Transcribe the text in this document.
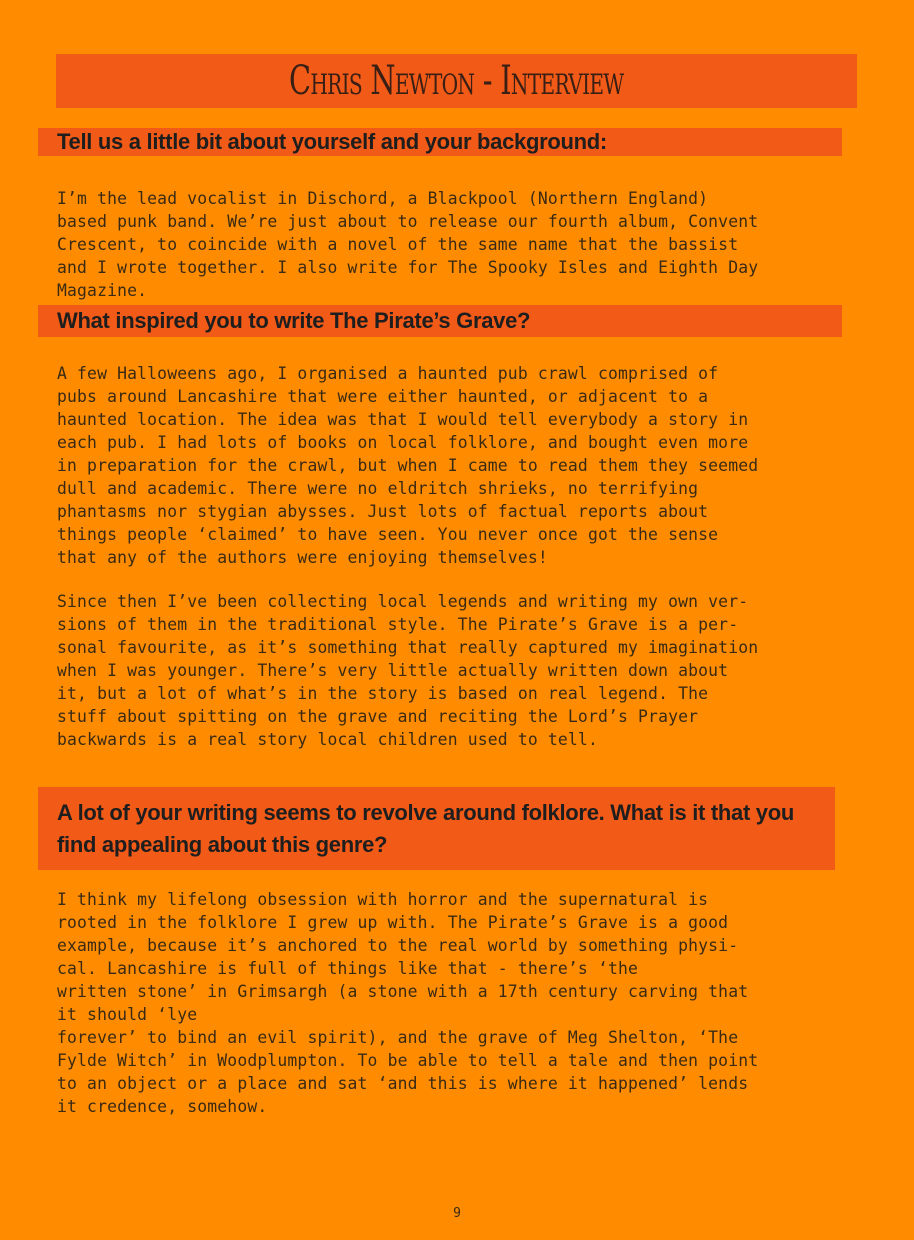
Chris Newton - Interview
Tell us a little bit about yourself and your background:

I’m the lead vocalist in Dischord, a Blackpool (Northern England)
based punk band. We’re just about to release our fourth album, Convent
Crescent, to coincide with a novel of the same name that the bassist
and I wrote together. I also write for The Spooky Isles and Eighth Day
Magazine.

What inspired you to write The Pirate’s Grave?

A few Halloweens ago, I organised a haunted pub crawl comprised of
pubs around Lancashire that were either haunted, or adjacent to a
haunted location. The idea was that I would tell everybody a story in
each pub. I had lots of books on local folklore, and bought even more
in preparation for the crawl, but when I came to read them they seemed
dull and academic. There were no eldritch shrieks, no terrifying
phantasms nor stygian abysses. Just lots of factual reports about
things people ‘claimed’ to have seen. You never once got the sense
that any of the authors were enjoying themselves!

Since then I’ve been collecting local legends and writing my own ver-
sions of them in the traditional style. The Pirate’s Grave is a per-
sonal favourite, as it’s something that really captured my imagination
when I was younger. There’s very little actually written down about
it, but a lot of what’s in the story is based on real legend. The
stuff about spitting on the grave and reciting the Lord’s Prayer
backwards is a real story local children used to tell.

A lot of your writing seems to revolve around folklore. What is it that you find appealing about this genre?

I think my lifelong obsession with horror and the supernatural is
rooted in the folklore I grew up with. The Pirate’s Grave is a good
example, because it’s anchored to the real world by something physi-
cal. Lancashire is full of things like that - there’s ‘the
written stone’ in Grimsargh (a stone with a 17th century carving that
it should ‘lye
forever’ to bind an evil spirit), and the grave of Meg Shelton, ‘The
Fylde Witch’ in Woodplumpton. To be able to tell a tale and then point
to an object or a place and sat ‘and this is where it happened’ lends
it credence, somehow.

9
